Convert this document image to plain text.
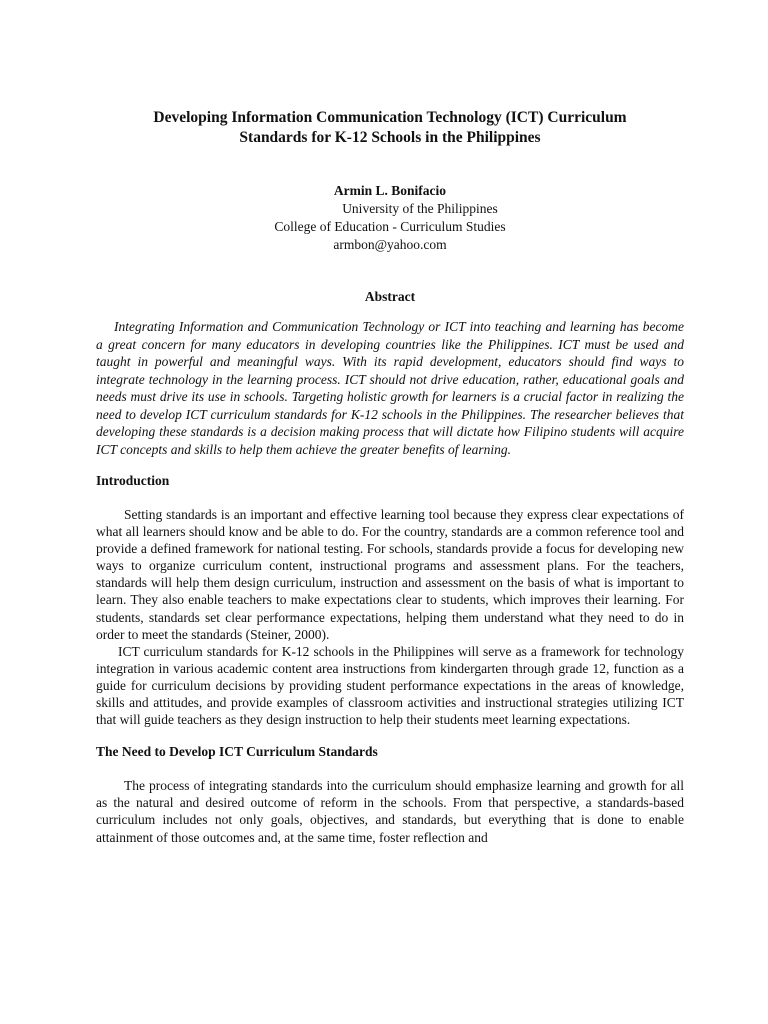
Developing Information Communication Technology (ICT) Curriculum
Standards for K-12 Schools in the Philippines
Armin L. Bonifacio
University of the Philippines
College of Education - Curriculum Studies
armbon@yahoo.com
Abstract

Integrating Information and Communication Technology or ICT into teaching and learning has become a great concern for many educators in developing countries like the Philippines. ICT must be used and taught in powerful and meaningful ways. With its rapid development, educators should find ways to integrate technology in the learning process. ICT should not drive education, rather, educational goals and needs must drive its use in schools. Targeting holistic growth for learners is a crucial factor in realizing the need to develop ICT curriculum standards for K-12 schools in the Philippines. The researcher believes that developing these standards is a decision making process that will dictate how Filipino students will acquire ICT concepts and skills to help them achieve the greater benefits of learning.

Introduction

Setting standards is an important and effective learning tool because they express clear expectations of what all learners should know and be able to do. For the country, standards are a common reference tool and provide a defined framework for national testing. For schools, standards provide a focus for developing new ways to organize curriculum content, instructional programs and assessment plans. For the teachers, standards will help them design curriculum, instruction and assessment on the basis of what is important to learn. They also enable teachers to make expectations clear to students, which improves their learning. For students, standards set clear performance expectations, helping them understand what they need to do in order to meet the standards (Steiner, 2000).

ICT curriculum standards for K-12 schools in the Philippines will serve as a framework for technology integration in various academic content area instructions from kindergarten through grade 12, function as a guide for curriculum decisions by providing student performance expectations in the areas of knowledge, skills and attitudes, and provide examples of classroom activities and instructional strategies utilizing ICT that will guide teachers as they design instruction to help their students meet learning expectations.

The Need to Develop ICT Curriculum Standards

The process of integrating standards into the curriculum should emphasize learning and growth for all as the natural and desired outcome of reform in the schools. From that perspective, a standards-based curriculum includes not only goals, objectives, and standards, but everything that is done to enable attainment of those outcomes and, at the same time, foster reflection and
